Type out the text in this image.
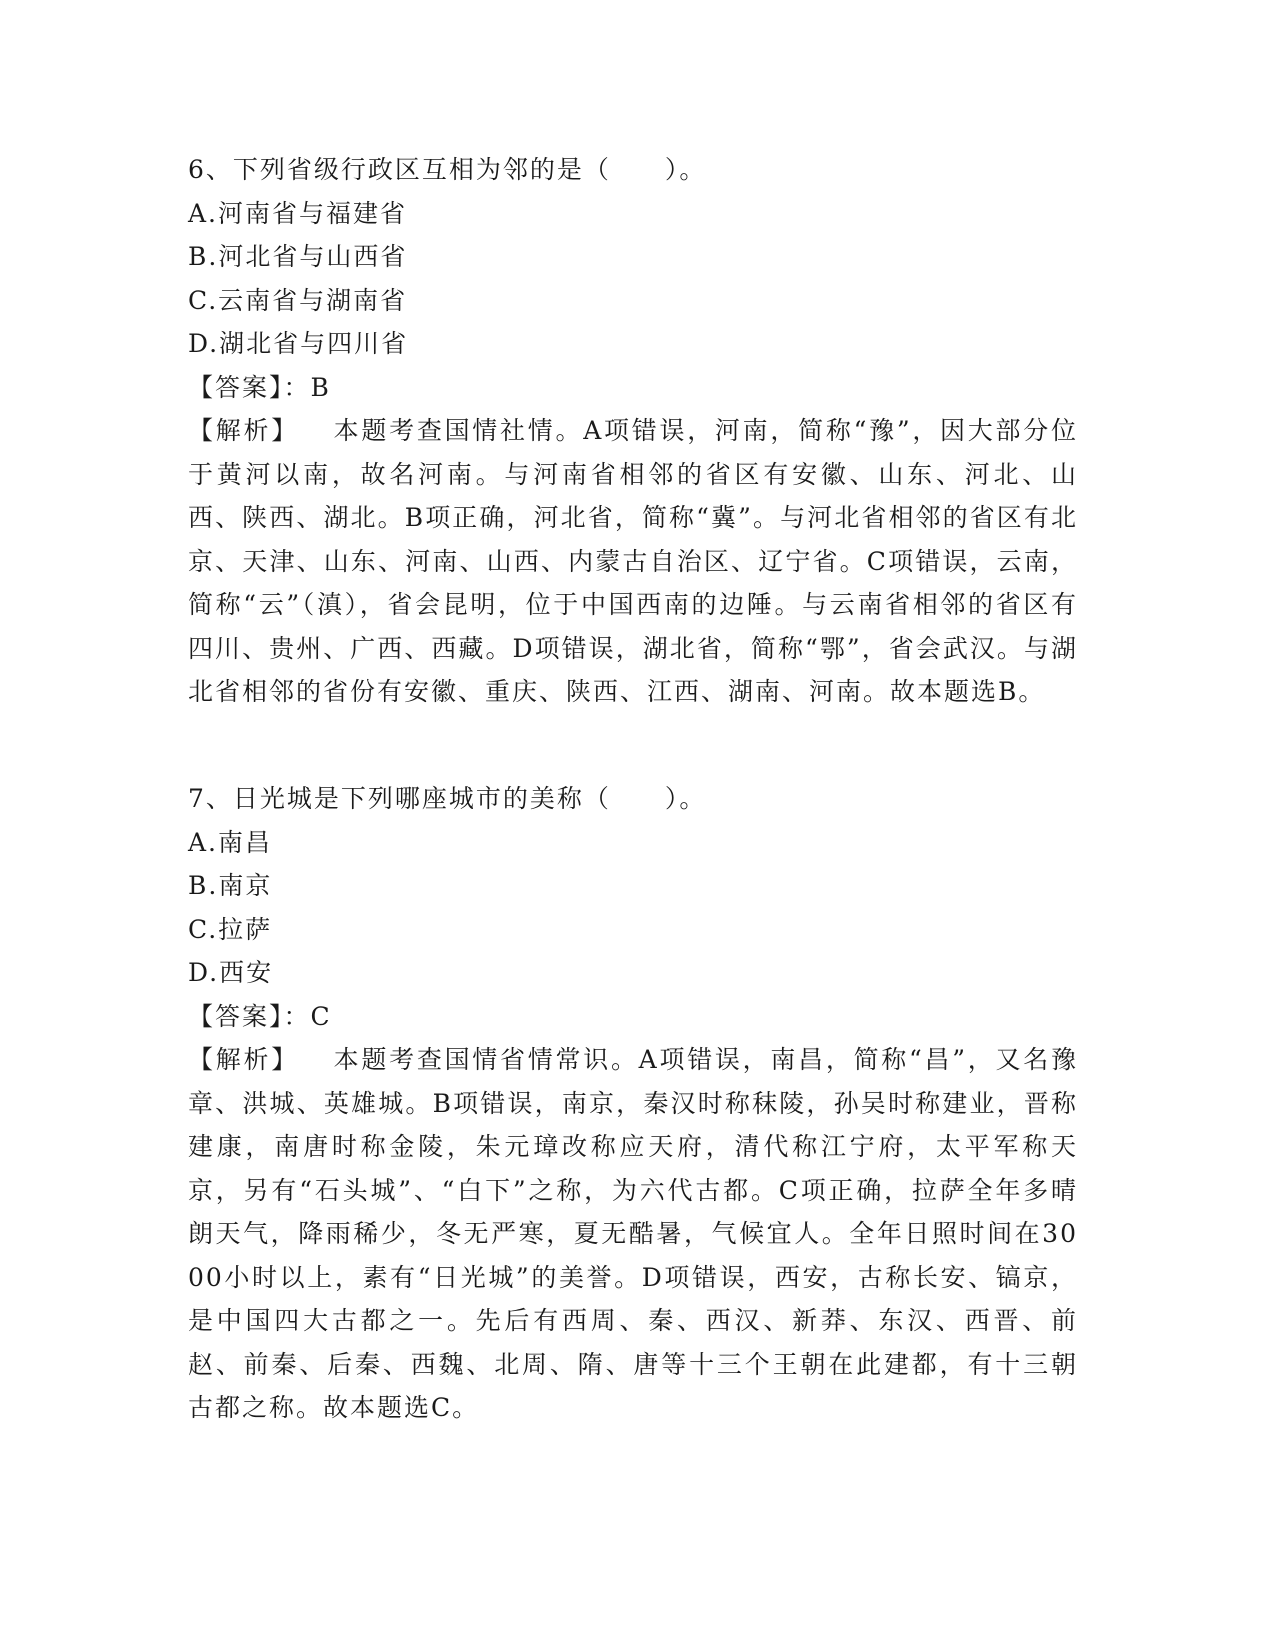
6、下列省级行政区互相为邻的是（　　）。
A.河南省与福建省
B.河北省与山西省
C.云南省与湖南省
D.湖北省与四川省
【答案】：B

【解析】 本题考查国情社情。A项错误，河南，简称“豫”，因大部分位于黄河以南，故名河南。与河南省相邻的省区有安徽、山东、河北、山西、陕西、湖北。B项正确，河北省，简称“冀”。与河北省相邻的省区有北京、天津、山东、河南、山西、内蒙古自治区、辽宁省。C项错误，云南，简称“云”（滇），省会昆明，位于中国西南的边陲。与云南省相邻的省区有四川、贵州、广西、西藏。D项错误，湖北省，简称“鄂”，省会武汉。与湖北省相邻的省份有安徽、重庆、陕西、江西、湖南、河南。故本题选B。

7、日光城是下列哪座城市的美称（　　）。
A.南昌
B.南京
C.拉萨
D.西安
【答案】：C

【解析】 本题考查国情省情常识。A项错误，南昌，简称“昌”，又名豫章、洪城、英雄城。B项错误，南京，秦汉时称秣陵，孙吴时称建业，晋称建康，南唐时称金陵，朱元璋改称应天府，清代称江宁府，太平军称天京，另有“石头城”、“白下”之称，为六代古都。C项正确，拉萨全年多晴朗天气，降雨稀少，冬无严寒，夏无酷暑，气候宜人。全年日照时间在3000小时以上，素有“日光城”的美誉。D项错误，西安，古称长安、镐京，是中国四大古都之一。先后有西周、秦、西汉、新莽、东汉、西晋、前赵、前秦、后秦、西魏、北周、隋、唐等十三个王朝在此建都，有十三朝古都之称。故本题选C。
